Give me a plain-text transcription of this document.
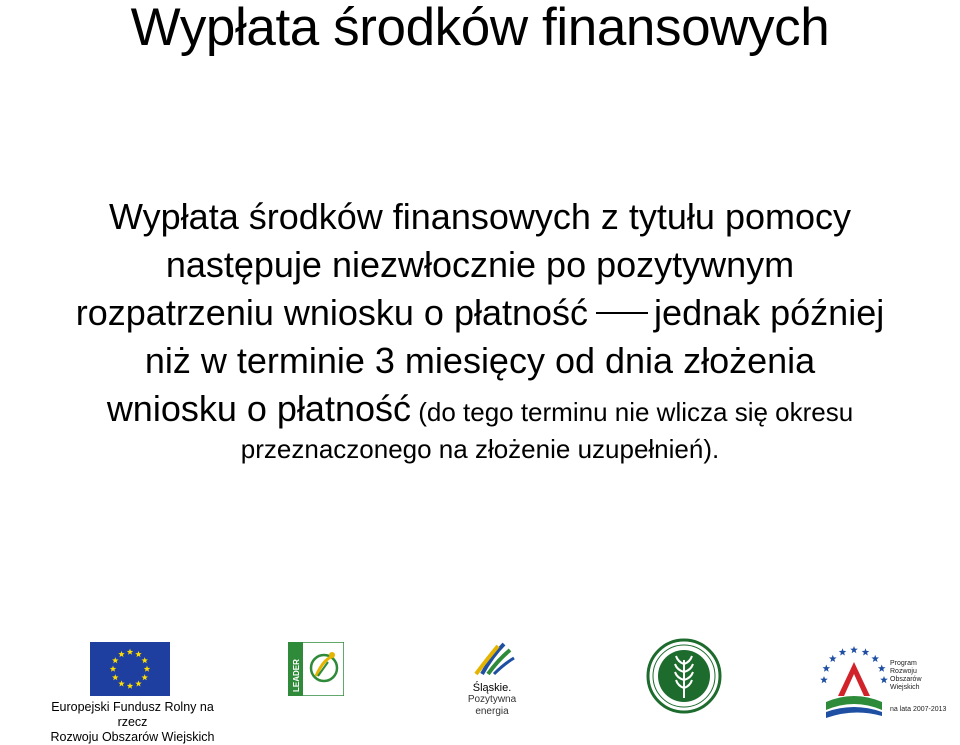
Wypłata środków finansowych
Wypłata środków finansowych z tytułu pomocy
następuje niezwłocznie po pozytywnym
rozpatrzeniu wniosku o płatność jednak później
niż w terminie 3 miesięcy od dnia złożenia
wniosku o płatność (do tego terminu nie wlicza się okresu
przeznaczonego na złożenie uzupełnień).
Europejski Fundusz Rolny na rzecz
Rozwoju Obszarów Wiejskich
LEADER	Śląskie.
Pozytywna energia
Program
Rozwoju
Obszarów
Wiejskich
na lata 2007-2013
